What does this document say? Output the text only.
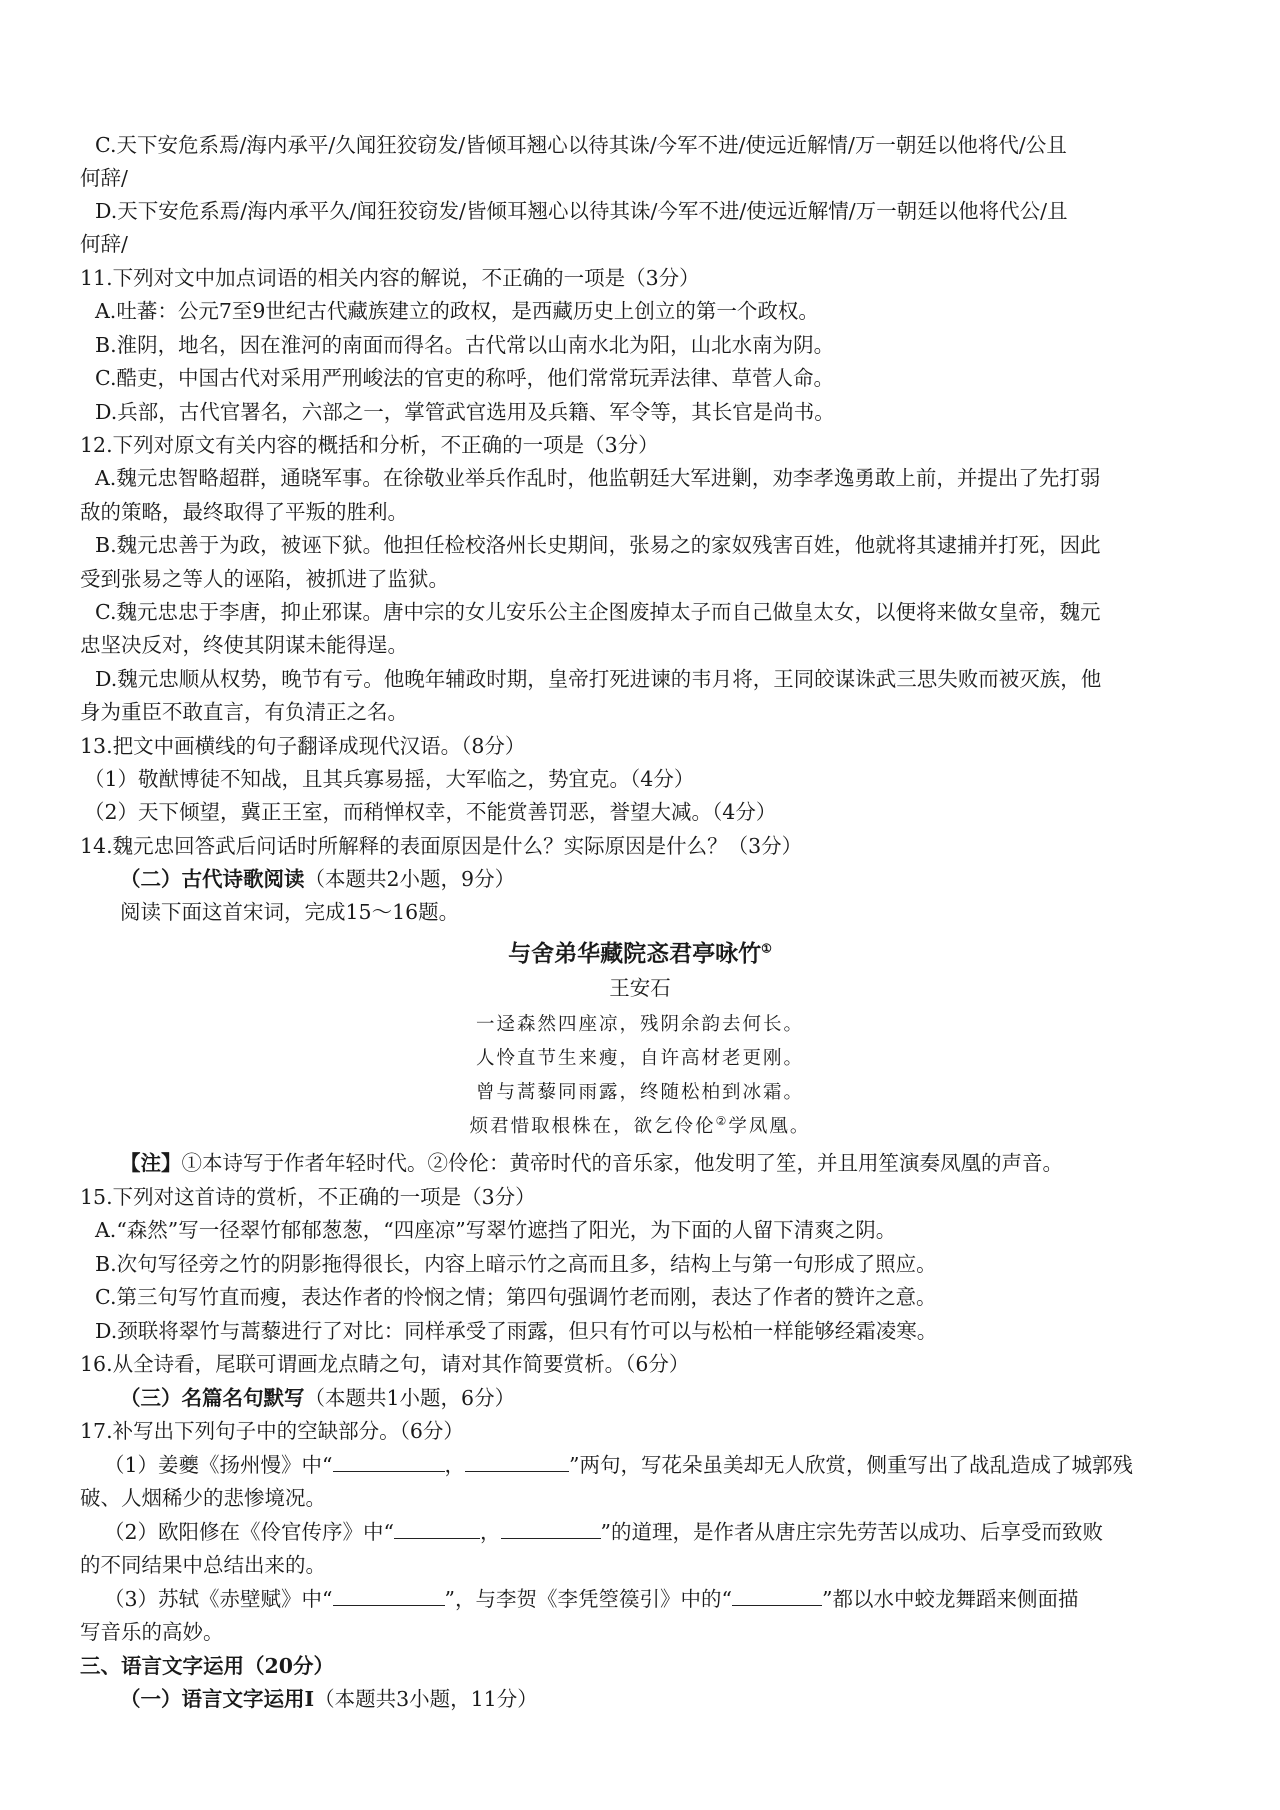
C.天下安危系焉/海内承平/久闻狂狡窃发/皆倾耳翘心以待其诛/今军不进/使远近解情/万一朝廷以他将代/公且
何辞/
D.天下安危系焉/海内承平久/闻狂狡窃发/皆倾耳翘心以待其诛/今军不进/使远近解情/万一朝廷以他将代公/且
何辞/
11.下列对文中加点词语的相关内容的解说，不正确的一项是（3分）
A.吐蕃：公元7至9世纪古代藏族建立的政权，是西藏历史上创立的第一个政权。
B.淮阴，地名，因在淮河的南面而得名。古代常以山南水北为阳，山北水南为阴。
C.酷吏，中国古代对采用严刑峻法的官吏的称呼，他们常常玩弄法律、草菅人命。
D.兵部，古代官署名，六部之一，掌管武官选用及兵籍、军令等，其长官是尚书。
12.下列对原文有关内容的概括和分析，不正确的一项是（3分）
A.魏元忠智略超群，通晓军事。在徐敬业举兵作乱时，他监朝廷大军进剿，劝李孝逸勇敢上前，并提出了先打弱
敌的策略，最终取得了平叛的胜利。
B.魏元忠善于为政，被诬下狱。他担任检校洛州长史期间，张易之的家奴残害百姓，他就将其逮捕并打死，因此
受到张易之等人的诬陷，被抓进了监狱。
C.魏元忠忠于李唐，抑止邪谋。唐中宗的女儿安乐公主企图废掉太子而自己做皇太女，以便将来做女皇帝，魏元
忠坚决反对，终使其阴谋未能得逞。
D.魏元忠顺从权势，晚节有亏。他晚年辅政时期，皇帝打死进谏的韦月将，王同皎谋诛武三思失败而被灭族，他
身为重臣不敢直言，有负清正之名。
13.把文中画横线的句子翻译成现代汉语。（8分）
（1）敬猷博徒不知战，且其兵寡易摇，大军临之，势宜克。（4分）
（2）天下倾望，冀正王室，而稍惮权幸，不能赏善罚恶，誉望大减。（4分）
14.魏元忠回答武后问话时所解释的表面原因是什么？实际原因是什么？（3分）
（二）古代诗歌阅读（本题共2小题，9分）
阅读下面这首宋词，完成15～16题。
与舍弟华藏院忞君亭咏竹①
王安石
一迳森然四座凉，残阴余韵去何长。
人怜直节生来瘦，自许高材老更刚。
曾与蒿藜同雨露，终随松柏到冰霜。
烦君惜取根株在，欲乞伶伦②学凤凰。
【注】①本诗写于作者年轻时代。②伶伦：黄帝时代的音乐家，他发明了笙，并且用笙演奏凤凰的声音。
15.下列对这首诗的赏析，不正确的一项是（3分）
A.“森然”写一径翠竹郁郁葱葱，“四座凉”写翠竹遮挡了阳光，为下面的人留下清爽之阴。
B.次句写径旁之竹的阴影拖得很长，内容上暗示竹之高而且多，结构上与第一句形成了照应。
C.第三句写竹直而瘦，表达作者的怜悯之情；第四句强调竹老而刚，表达了作者的赞许之意。
D.颈联将翠竹与蒿藜进行了对比：同样承受了雨露，但只有竹可以与松柏一样能够经霜凌寒。
16.从全诗看，尾联可谓画龙点睛之句，请对其作简要赏析。（6分）
（三）名篇名句默写（本题共1小题，6分）
17.补写出下列句子中的空缺部分。（6分）
（1）姜夔《扬州慢》中“	，	”两句，写花朵虽美却无人欣赏，侧重写出了战乱造成了城郭残
破、人烟稀少的悲惨境况。
（2）欧阳修在《伶官传序》中“	，	”的道理，是作者从唐庄宗先劳苦以成功、后享受而致败
的不同结果中总结出来的。
（3）苏轼《赤壁赋》中“	”，与李贺《李凭箜篌引》中的“	”都以水中蛟龙舞蹈来侧面描
写音乐的高妙。
三、语言文字运用（20分）
（一）语言文字运用Ⅰ（本题共3小题，11分）
